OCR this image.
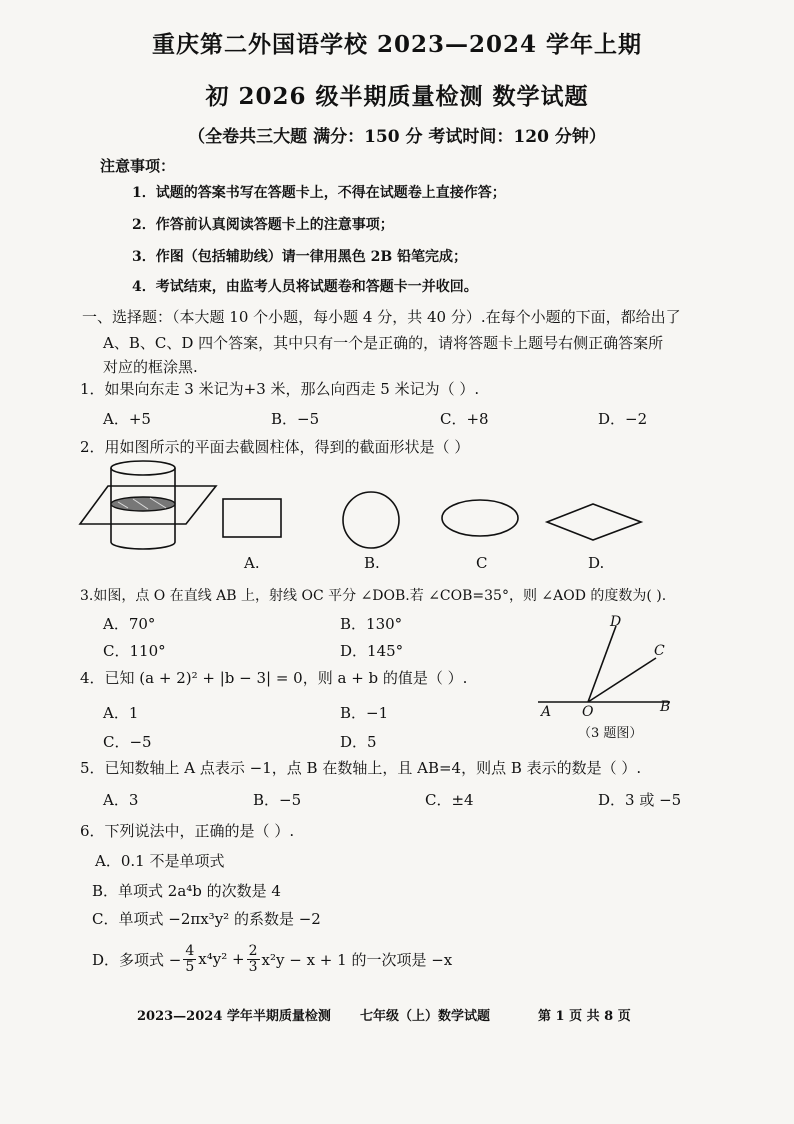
重庆第二外国语学校 2023—2024 学年上期
初 2026 级半期质量检测 数学试题
（全卷共三大题 满分：150 分 考试时间：120 分钟）
注意事项：
1．试题的答案书写在答题卡上，不得在试题卷上直接作答；
2．作答前认真阅读答题卡上的注意事项；
3．作图（包括辅助线）请一律用黑色 2B 铅笔完成；
4．考试结束，由监考人员将试题卷和答题卡一并收回。
一、选择题：（本大题 10 个小题，每小题 4 分，共 40 分）.在每个小题的下面，都给出了
A、B、C、D 四个答案，其中只有一个是正确的，请将答题卡上题号右侧正确答案所
对应的框涂黑.
1．如果向东走 3 米记为+3 米，那么向西走 5 米记为（ ）.
A．+5	B．−5	C．+8	D．−2
2．用如图所示的平面去截圆柱体，得到的截面形状是（ ）
A.	B.	C	D.
3.如图，点 O 在直线 AB 上，射线 OC 平分 ∠DOB.若 ∠COB=35°，则 ∠AOD 的度数为( ).
A．70°	B．130°
C．110°	D．145°
D
C
A O	B
（3 题图）
4．已知 (a + 2)² + |b − 3| = 0，则 a + b 的值是（ ）.
A．1	B．−1
C．−5	D．5
5．已知数轴上 A 点表示 −1，点 B 在数轴上，且 AB=4，则点 B 表示的数是（ ）.
A．3	B．−5	C．±4	D．3 或 −5
6．下列说法中，正确的是（ ）.
A．0.1 不是单项式
B．单项式 2a⁴b 的次数是 4
C．单项式 −2πx³y² 的系数是 −2
D．多项式 − $\frac{4}{5} x^4y^2 + \frac{2}{3} x^2y - x + 1$ 的一次项是 −x
2023—2024 学年半期质量检测 七年级（上）数学试题	第 1 页 共 8 页
